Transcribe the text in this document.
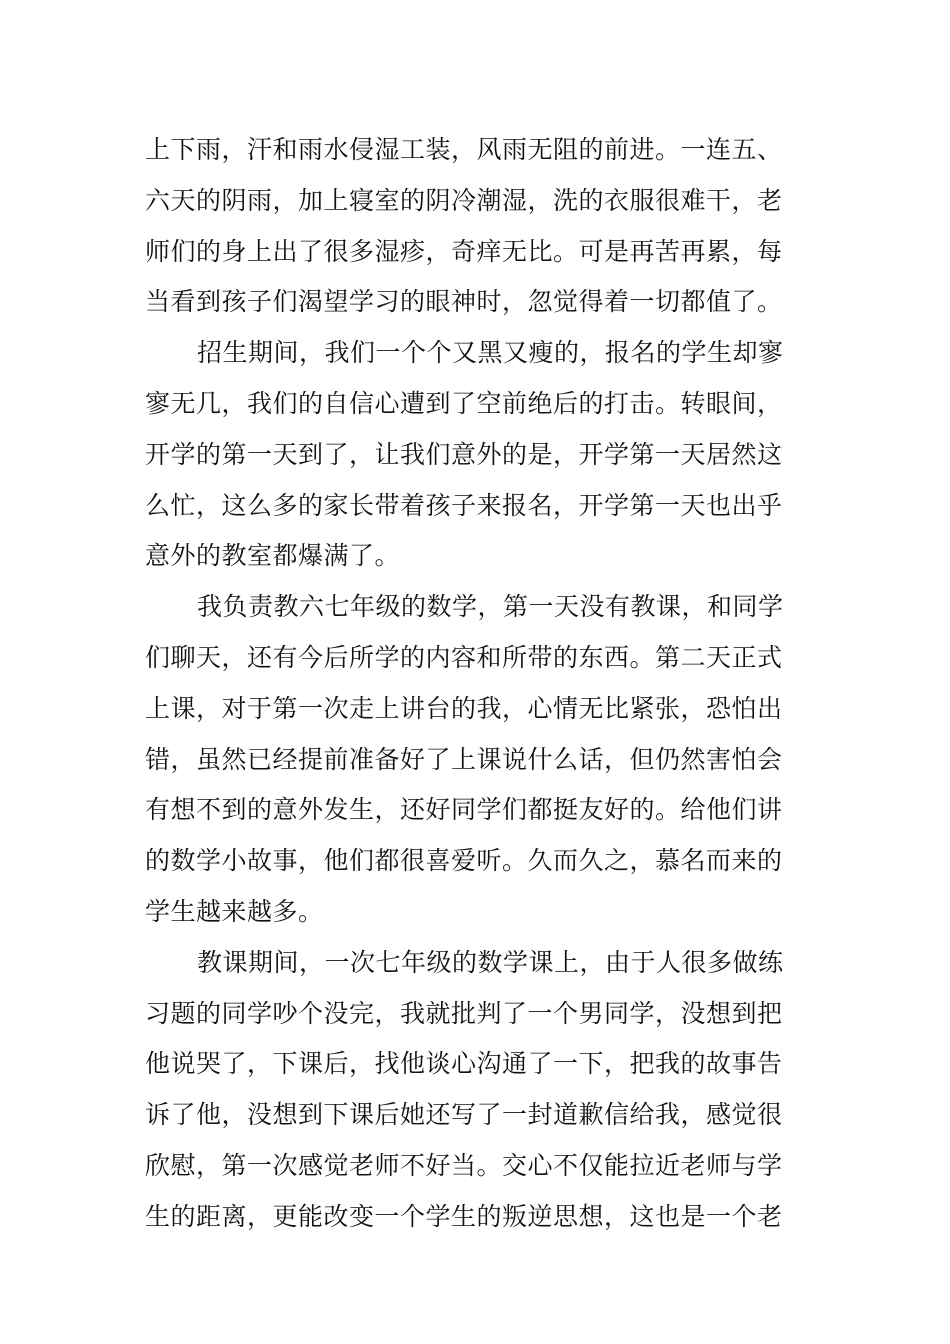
上下雨，汗和雨水侵湿工装，风雨无阻的前进。一连五、
六天的阴雨，加上寝室的阴冷潮湿，洗的衣服很难干，老
师们的身上出了很多湿疹，奇痒无比。可是再苦再累，每
当看到孩子们渴望学习的眼神时，忽觉得着一切都值了。
招生期间，我们一个个又黑又瘦的，报名的学生却寥
寥无几，我们的自信心遭到了空前绝后的打击。转眼间，
开学的第一天到了，让我们意外的是，开学第一天居然这
么忙，这么多的家长带着孩子来报名，开学第一天也出乎
意外的教室都爆满了。
我负责教六七年级的数学，第一天没有教课，和同学
们聊天，还有今后所学的内容和所带的东西。第二天正式
上课，对于第一次走上讲台的我，心情无比紧张，恐怕出
错，虽然已经提前准备好了上课说什么话，但仍然害怕会
有想不到的意外发生，还好同学们都挺友好的。给他们讲
的数学小故事，他们都很喜爱听。久而久之，慕名而来的
学生越来越多。
教课期间，一次七年级的数学课上，由于人很多做练
习题的同学吵个没完，我就批判了一个男同学，没想到把
他说哭了，下课后，找他谈心沟通了一下，把我的故事告
诉了他，没想到下课后她还写了一封道歉信给我，感觉很
欣慰，第一次感觉老师不好当。交心不仅能拉近老师与学
生的距离，更能改变一个学生的叛逆思想，这也是一个老
